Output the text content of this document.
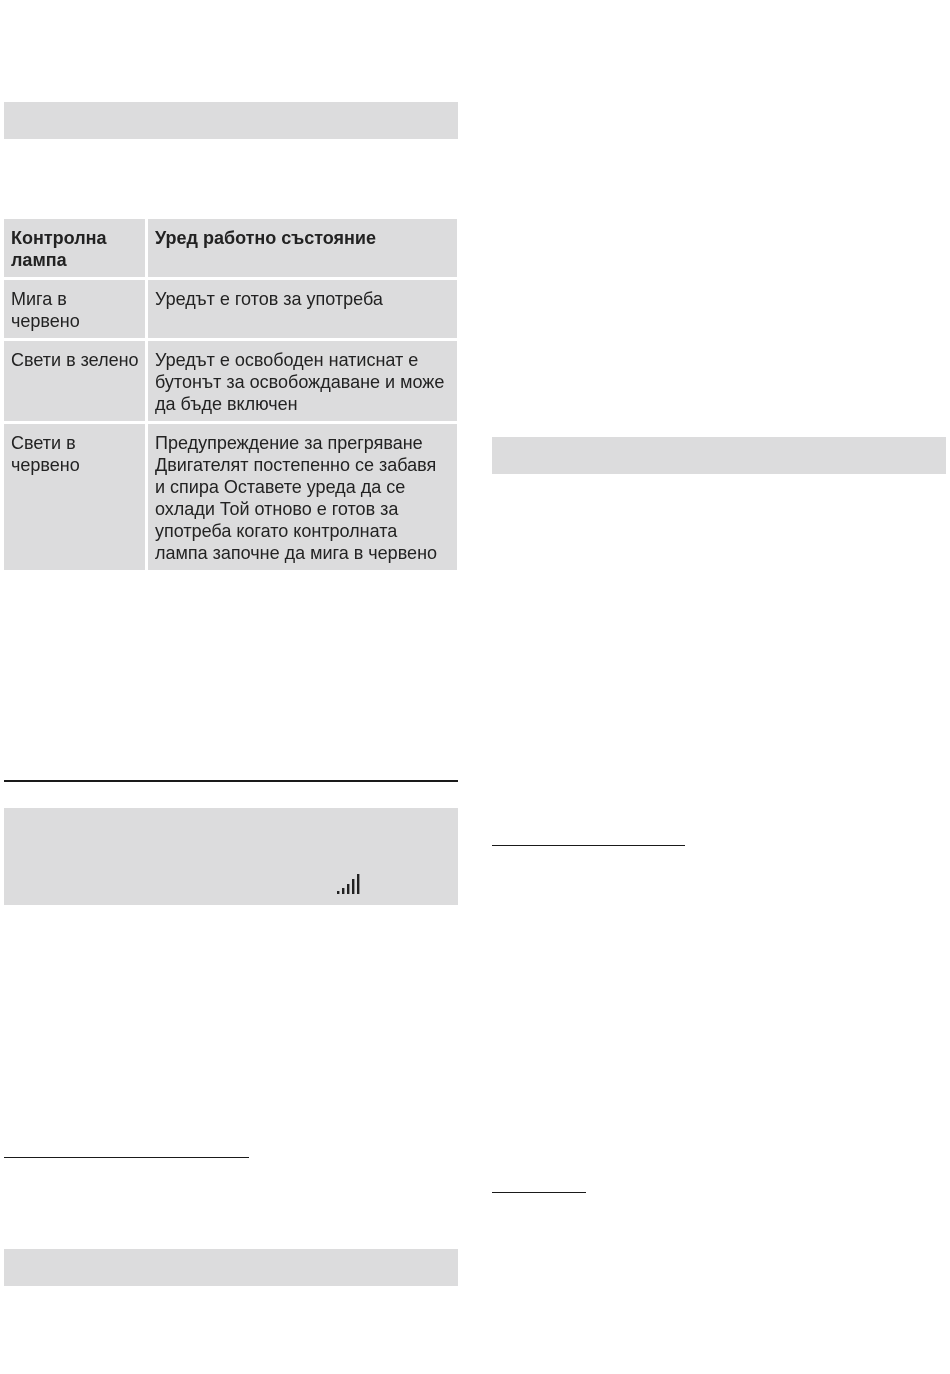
Контролна лампа	Уред работно състояние
Мига в червено	Уредът е готов за употреба
Свети в зелено	Уредът е освободен натиснат е бутонът за освобождаване и може да бъде включен
Свети в червено	Предупреждение за прегряване Двигателят постепенно се забавя и спира Оставете уреда да се охлади Той отново е готов за употреба когато контролната лампа започне да мига в червено
